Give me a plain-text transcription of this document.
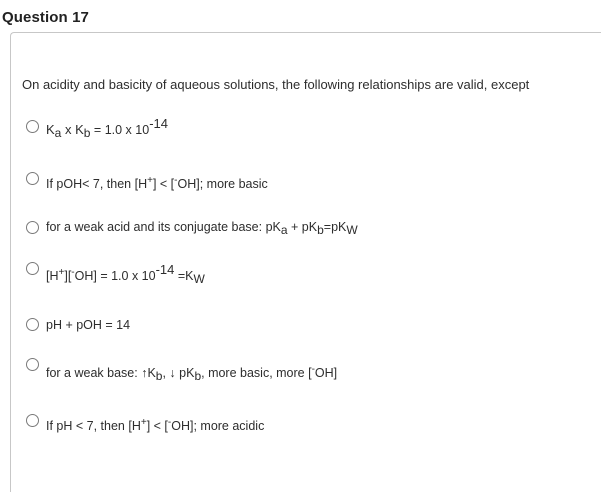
Question 17
On acidity and basicity of aqueous solutions, the following relationships are valid, except
Ka x Kb = 1.0 x 10-14
If pOH< 7, then [H+] < [-OH]; more basic
for a weak acid and its conjugate base: pKa + pKb=pKW
[H+][-OH] = 1.0 x 10-14 =KW
pH + pOH = 14
for a weak base: ↑Kb, ↓ pKb, more basic, more [-OH]
If pH < 7, then [H+] < [-OH]; more acidic
